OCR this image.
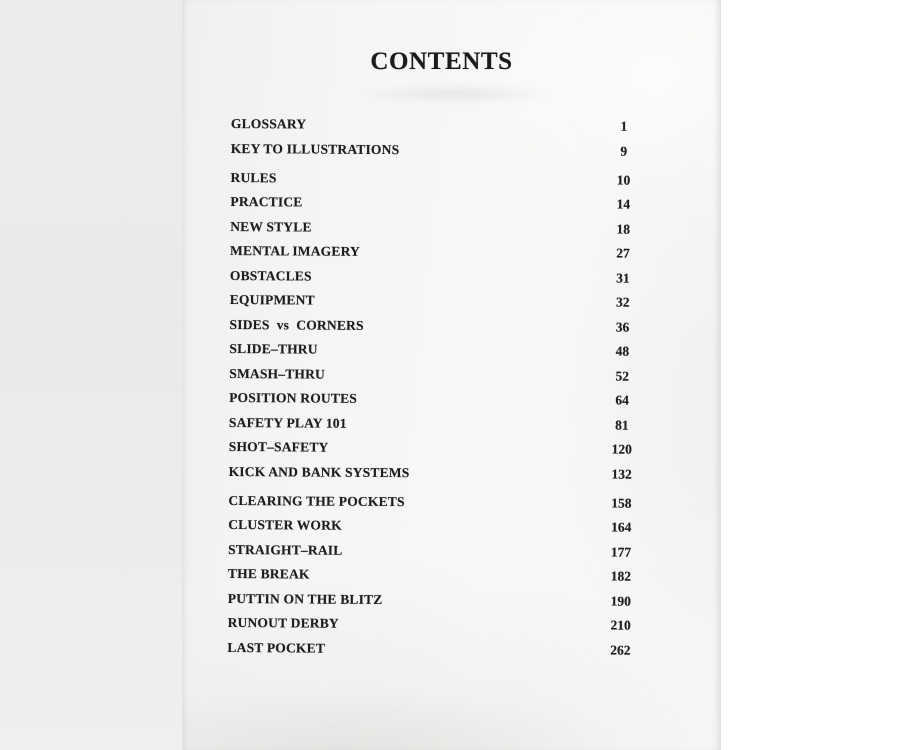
CONTENTS
GLOSSARY	1
KEY TO ILLUSTRATIONS	9
RULES	10
PRACTICE	14
NEW STYLE	18
MENTAL IMAGERY	27
OBSTACLES	31
EQUIPMENT	32
SIDES  vs  CORNERS	36
SLIDE–THRU	48
SMASH–THRU	52
POSITION ROUTES	64
SAFETY PLAY 101	81
SHOT–SAFETY	120
KICK AND BANK SYSTEMS	132
CLEARING THE POCKETS	158
CLUSTER WORK	164
STRAIGHT–RAIL	177
THE BREAK	182
PUTTIN ON THE BLITZ	190
RUNOUT DERBY	210
LAST POCKET	262
